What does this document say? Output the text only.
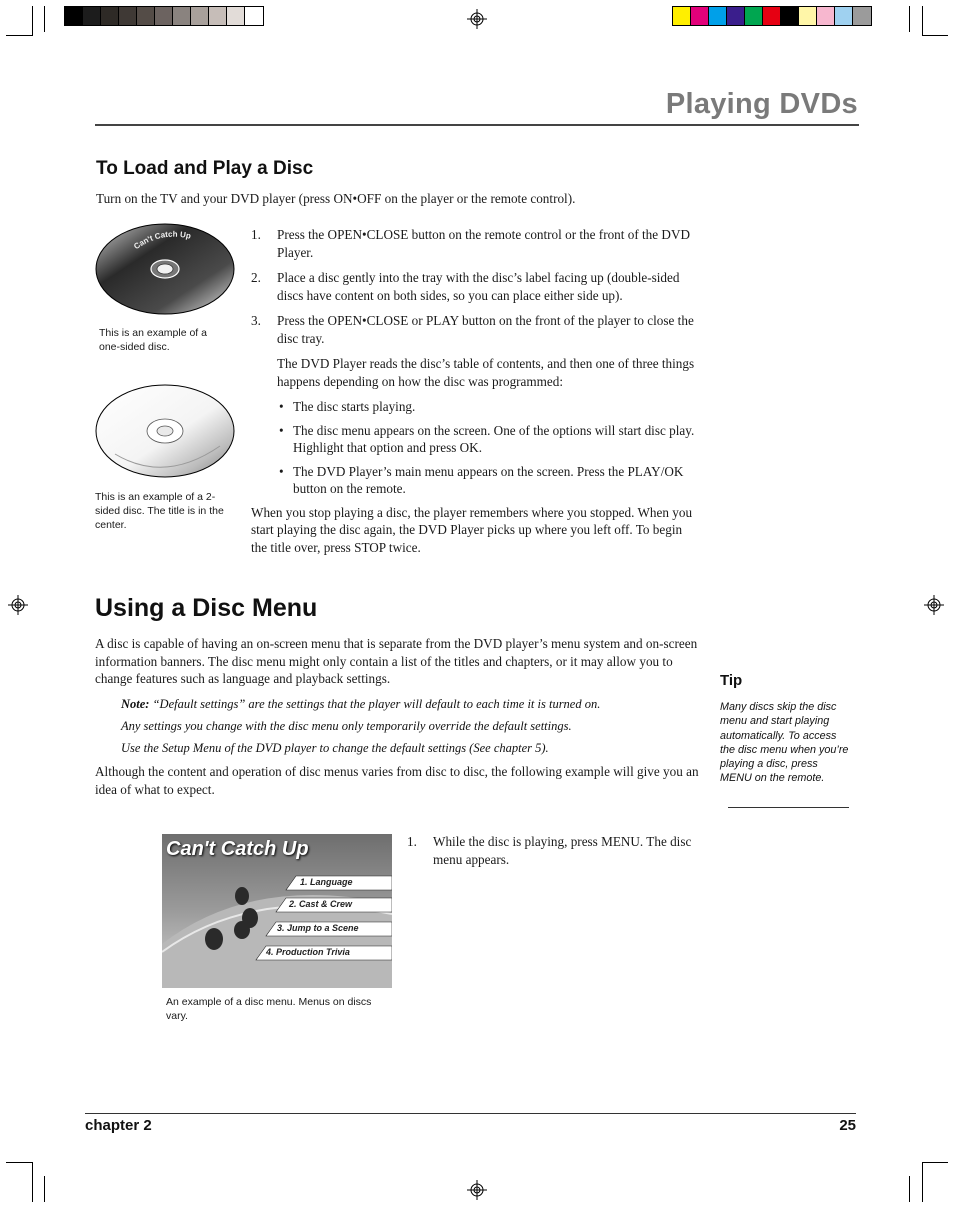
Playing DVDs
To Load and Play a Disc
Turn on the TV and your DVD player (press ON•OFF on the player or the remote control).
Can't Catch Up
This is an example of a one-sided disc.
This is an example of a 2-sided disc. The title is in the center.
1. Press the OPEN•CLOSE button on the remote control or the front of the DVD Player.
2. Place a disc gently into the tray with the disc’s label facing up (double-sided discs have content on both sides, so you can place either side up).
3. Press the OPEN•CLOSE or PLAY button on the front of the player to close the disc tray.
The DVD Player reads the disc’s table of contents, and then one of three things happens depending on how the disc was programmed:
• The disc starts playing.
• The disc menu appears on the screen. One of the options will start disc play. Highlight that option and press OK.
• The DVD Player’s main menu appears on the screen. Press the PLAY/OK button on the remote.
When you stop playing a disc, the player remembers where you stopped. When you start playing the disc again, the DVD Player picks up where you left off. To begin the title over, press STOP twice.
Using a Disc Menu
A disc is capable of having an on-screen menu that is separate from the DVD player’s menu system and on-screen information banners. The disc menu might only contain a list of the titles and chapters, or it may allow you to change features such as language and playback settings.
Note: “Default settings” are the settings that the player will default to each time it is turned on.
Any settings you change with the disc menu only temporarily override the default settings.
Use the Setup Menu of the DVD player to change the default settings (See chapter 5).
Although the content and operation of disc menus varies from disc to disc, the following example will give you an idea of what to expect.
Can't Catch Up
1. Language
2. Cast & Crew
3. Jump to a Scene
4. Production Trivia
An example of a disc menu. Menus on discs vary.
1. While the disc is playing, press MENU. The disc menu appears.
Tip
Many discs skip the disc menu and start playing automatically. To access the disc menu when you’re playing a disc, press MENU on the remote.
chapter 2	25
